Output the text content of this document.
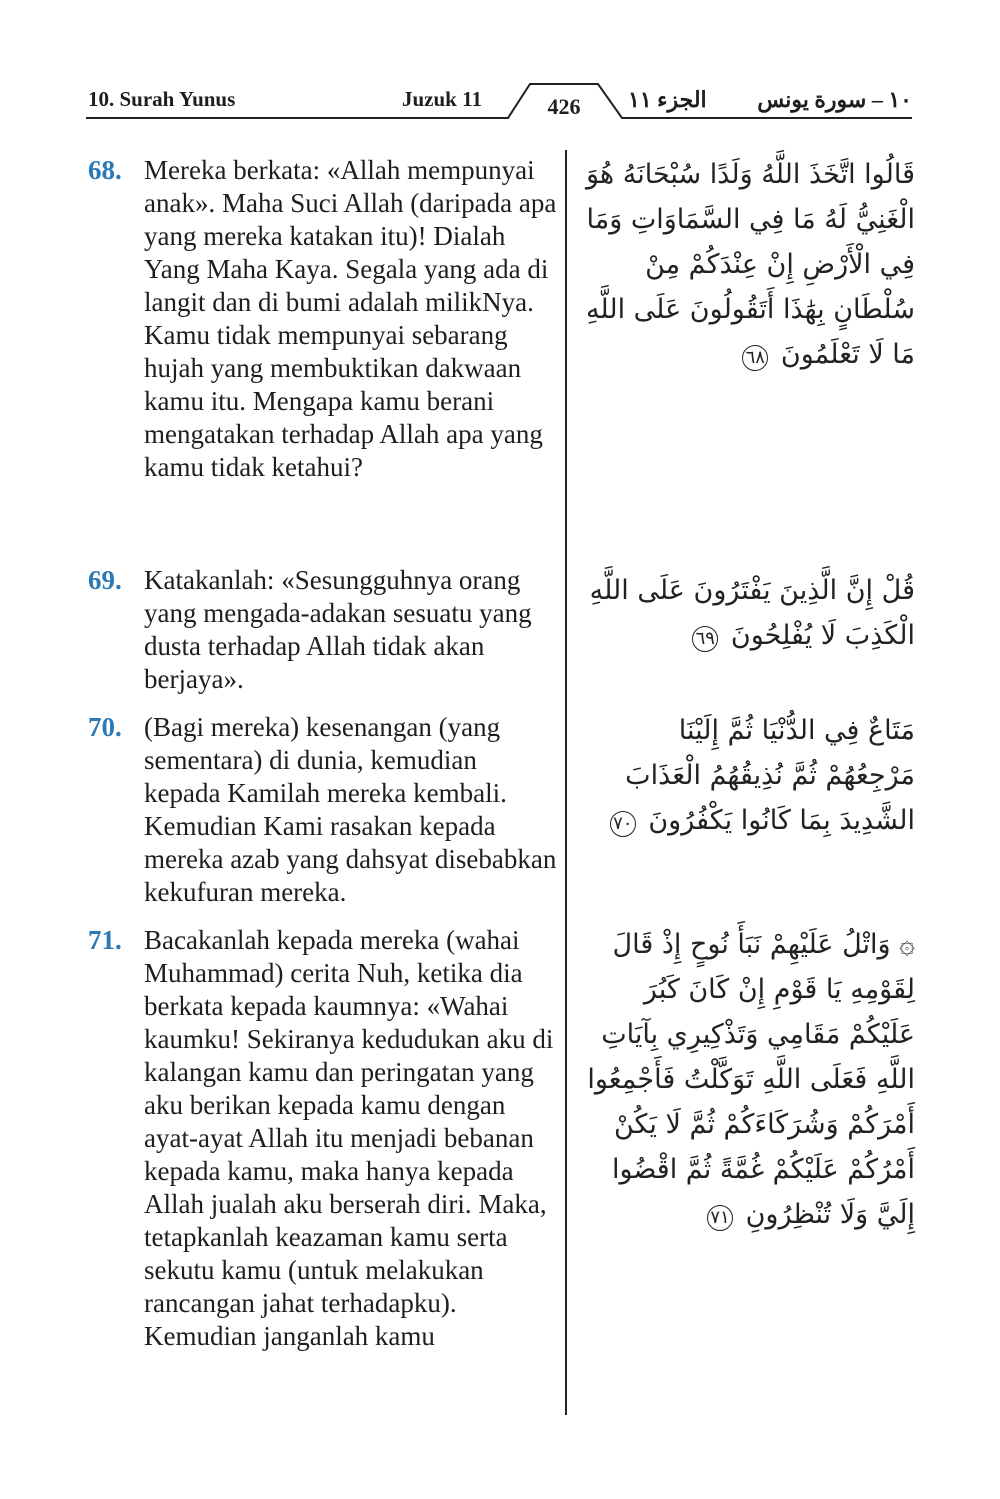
10. Surah Yunus	Juzuk 11	426	الجزء ١١ ١٠ – سورة يونس
68. Mereka berkata: «Allah mempunyai anak». Maha Suci Allah (daripada apa yang mereka katakan itu)! Dialah Yang Maha Kaya. Segala yang ada di langit dan di bumi adalah milikNya. Kamu tidak mempunyai sebarang hujah yang membuktikan dakwaan kamu itu. Mengapa kamu berani mengatakan terhadap Allah apa yang kamu tidak ketahui?
قَالُوا اتَّخَذَ اللَّهُ وَلَدًا سُبْحَانَهُ هُوَ الْغَنِيُّ لَهُ مَا فِي السَّمَاوَاتِ وَمَا فِي الْأَرْضِ إِنْ عِنْدَكُمْ مِنْ سُلْطَانٍ بِهَٰذَا أَتَقُولُونَ عَلَى اللَّهِ مَا لَا تَعْلَمُونَ ٦٨
69. Katakanlah: «Sesungguhnya orang yang mengada-adakan sesuatu yang dusta terhadap Allah tidak akan berjaya».
قُلْ إِنَّ الَّذِينَ يَفْتَرُونَ عَلَى اللَّهِ الْكَذِبَ لَا يُفْلِحُونَ ٦٩
70. (Bagi mereka) kesenangan (yang sementara) di dunia, kemudian kepada Kamilah mereka kembali. Kemudian Kami rasakan kepada mereka azab yang dahsyat disebabkan kekufuran mereka.
مَتَاعٌ فِي الدُّنْيَا ثُمَّ إِلَيْنَا مَرْجِعُهُمْ ثُمَّ نُذِيقُهُمُ الْعَذَابَ الشَّدِيدَ بِمَا كَانُوا يَكْفُرُونَ ٧٠
71. Bacakanlah kepada mereka (wahai Muhammad) cerita Nuh, ketika dia berkata kepada kaumnya: «Wahai kaumku! Sekiranya kedudukan aku di kalangan kamu dan peringatan yang aku berikan kepada kamu dengan ayat-ayat Allah itu menjadi bebanan kepada kamu, maka hanya kepada Allah jualah aku berserah diri. Maka, tetapkanlah keazaman kamu serta sekutu kamu (untuk melakukan rancangan jahat terhadapku). Kemudian janganlah kamu
۞ وَاتْلُ عَلَيْهِمْ نَبَأَ نُوحٍ إِذْ قَالَ لِقَوْمِهِ يَا قَوْمِ إِنْ كَانَ كَبُرَ عَلَيْكُمْ مَقَامِي وَتَذْكِيرِي بِآيَاتِ اللَّهِ فَعَلَى اللَّهِ تَوَكَّلْتُ فَأَجْمِعُوا أَمْرَكُمْ وَشُرَكَاءَكُمْ ثُمَّ لَا يَكُنْ أَمْرُكُمْ عَلَيْكُمْ غُمَّةً ثُمَّ اقْضُوا إِلَيَّ وَلَا تُنْظِرُونِ ٧١
